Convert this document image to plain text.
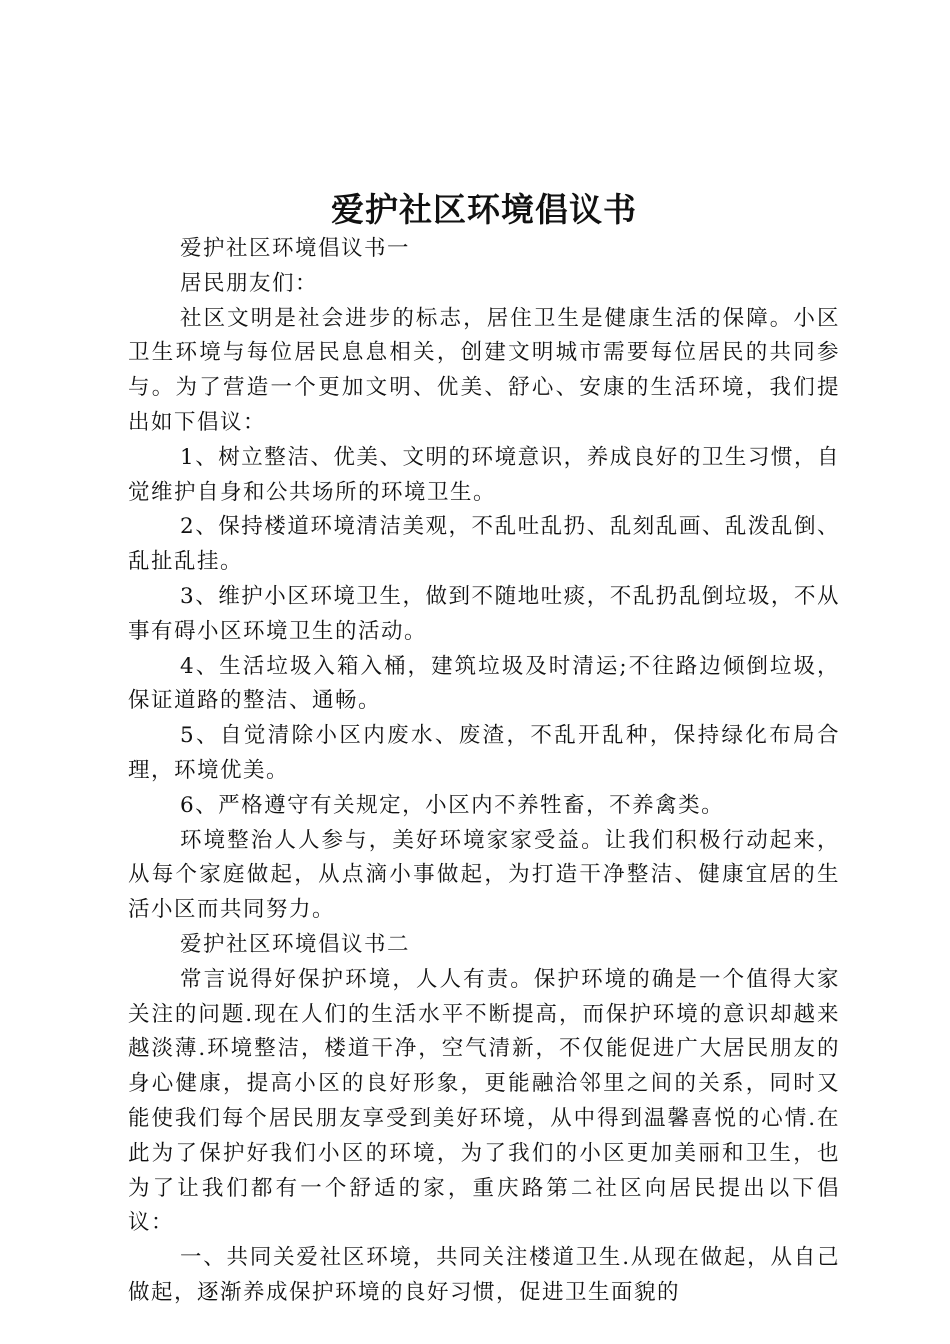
爱护社区环境倡议书

爱护社区环境倡议书一

居民朋友们：

社区文明是社会进步的标志，居住卫生是健康生活的保障。小区卫生环境与每位居民息息相关，创建文明城市需要每位居民的共同参与。为了营造一个更加文明、优美、舒心、安康的生活环境，我们提出如下倡议：

1、树立整洁、优美、文明的环境意识，养成良好的卫生习惯，自觉维护自身和公共场所的环境卫生。

2、保持楼道环境清洁美观，不乱吐乱扔、乱刻乱画、乱泼乱倒、乱扯乱挂。

3、维护小区环境卫生，做到不随地吐痰，不乱扔乱倒垃圾，不从事有碍小区环境卫生的活动。

4、生活垃圾入箱入桶，建筑垃圾及时清运;不往路边倾倒垃圾，保证道路的整洁、通畅。

5、自觉清除小区内废水、废渣，不乱开乱种，保持绿化布局合理，环境优美。

6、严格遵守有关规定，小区内不养牲畜，不养禽类。

环境整治人人参与，美好环境家家受益。让我们积极行动起来，从每个家庭做起，从点滴小事做起，为打造干净整洁、健康宜居的生活小区而共同努力。

爱护社区环境倡议书二

常言说得好保护环境，人人有责。保护环境的确是一个值得大家关注的问题.现在人们的生活水平不断提高，而保护环境的意识却越来越淡薄.环境整洁，楼道干净，空气清新，不仅能促进广大居民朋友的身心健康，提高小区的良好形象，更能融洽邻里之间的关系，同时又能使我们每个居民朋友享受到美好环境，从中得到温馨喜悦的心情.在此为了保护好我们小区的环境，为了我们的小区更加美丽和卫生，也为了让我们都有一个舒适的家，重庆路第二社区向居民提出以下倡议：

一、共同关爱社区环境，共同关注楼道卫生.从现在做起，从自己做起，逐渐养成保护环境的良好习惯，促进卫生面貌的
